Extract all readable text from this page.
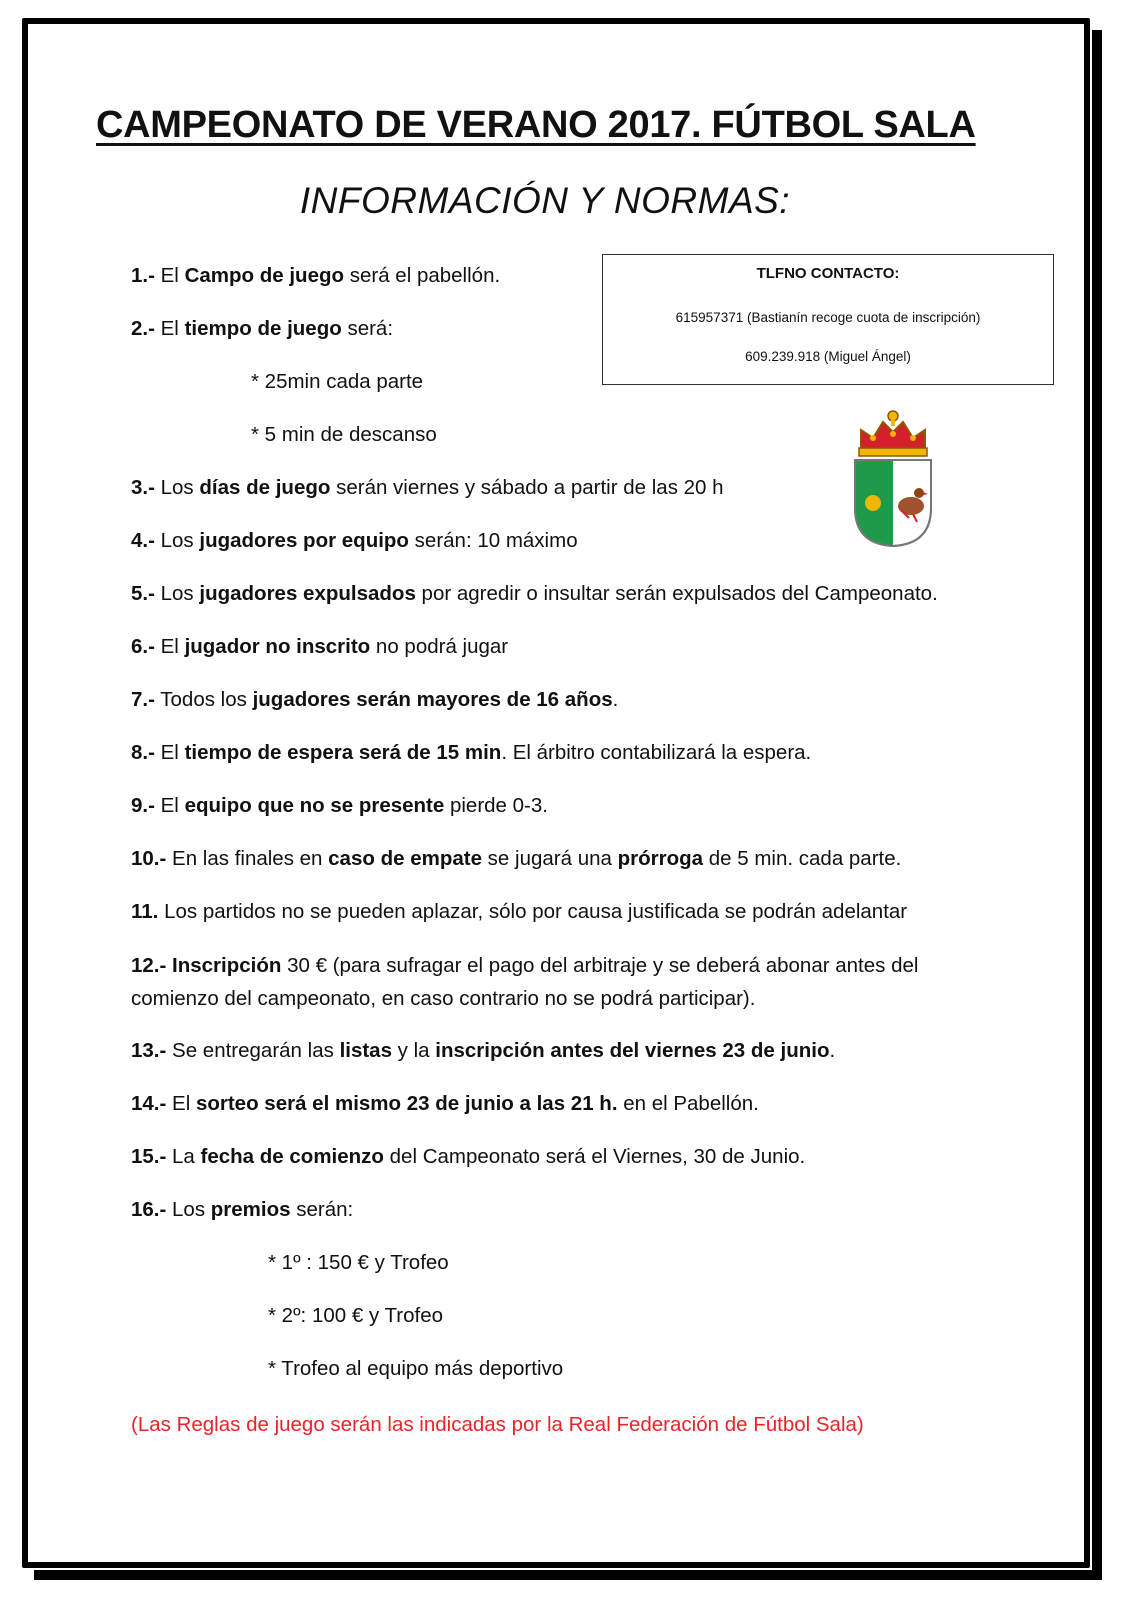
CAMPEONATO DE VERANO 2017. FÚTBOL SALA
INFORMACIÓN Y NORMAS:
TLFNO CONTACTO:
615957371 (Bastianín recoge cuota de inscripción)
609.239.918 (Miguel Ángel)

1.- El Campo de juego será el pabellón.

2.- El tiempo de juego será:

* 25min cada parte

* 5 min de descanso

3.- Los días de juego serán viernes y sábado a partir de las 20 h

4.- Los jugadores por equipo serán: 10 máximo

5.- Los jugadores expulsados por agredir o insultar serán expulsados del Campeonato.

6.- El jugador no inscrito no podrá jugar

7.- Todos los jugadores serán mayores de 16 años.

8.- El tiempo de espera será de 15 min. El árbitro contabilizará la espera.

9.- El equipo que no se presente pierde 0-3.

10.- En las finales en caso de empate se jugará una prórroga de 5 min. cada parte.

11. Los partidos no se pueden aplazar, sólo por causa justificada se podrán adelantar

12.- Inscripción 30 € (para sufragar el pago del arbitraje y se deberá abonar antes del comienzo del campeonato, en caso contrario no se podrá participar).

13.- Se entregarán las listas y la inscripción antes del viernes 23 de junio.

14.- El sorteo será el mismo 23 de junio a las 21 h. en el Pabellón.

15.- La fecha de comienzo del Campeonato será el Viernes, 30 de Junio.

16.- Los premios serán:

* 1º : 150 € y Trofeo

* 2º: 100 € y Trofeo

* Trofeo al equipo más deportivo

(Las Reglas de juego serán las indicadas por la Real Federación de Fútbol Sala)
